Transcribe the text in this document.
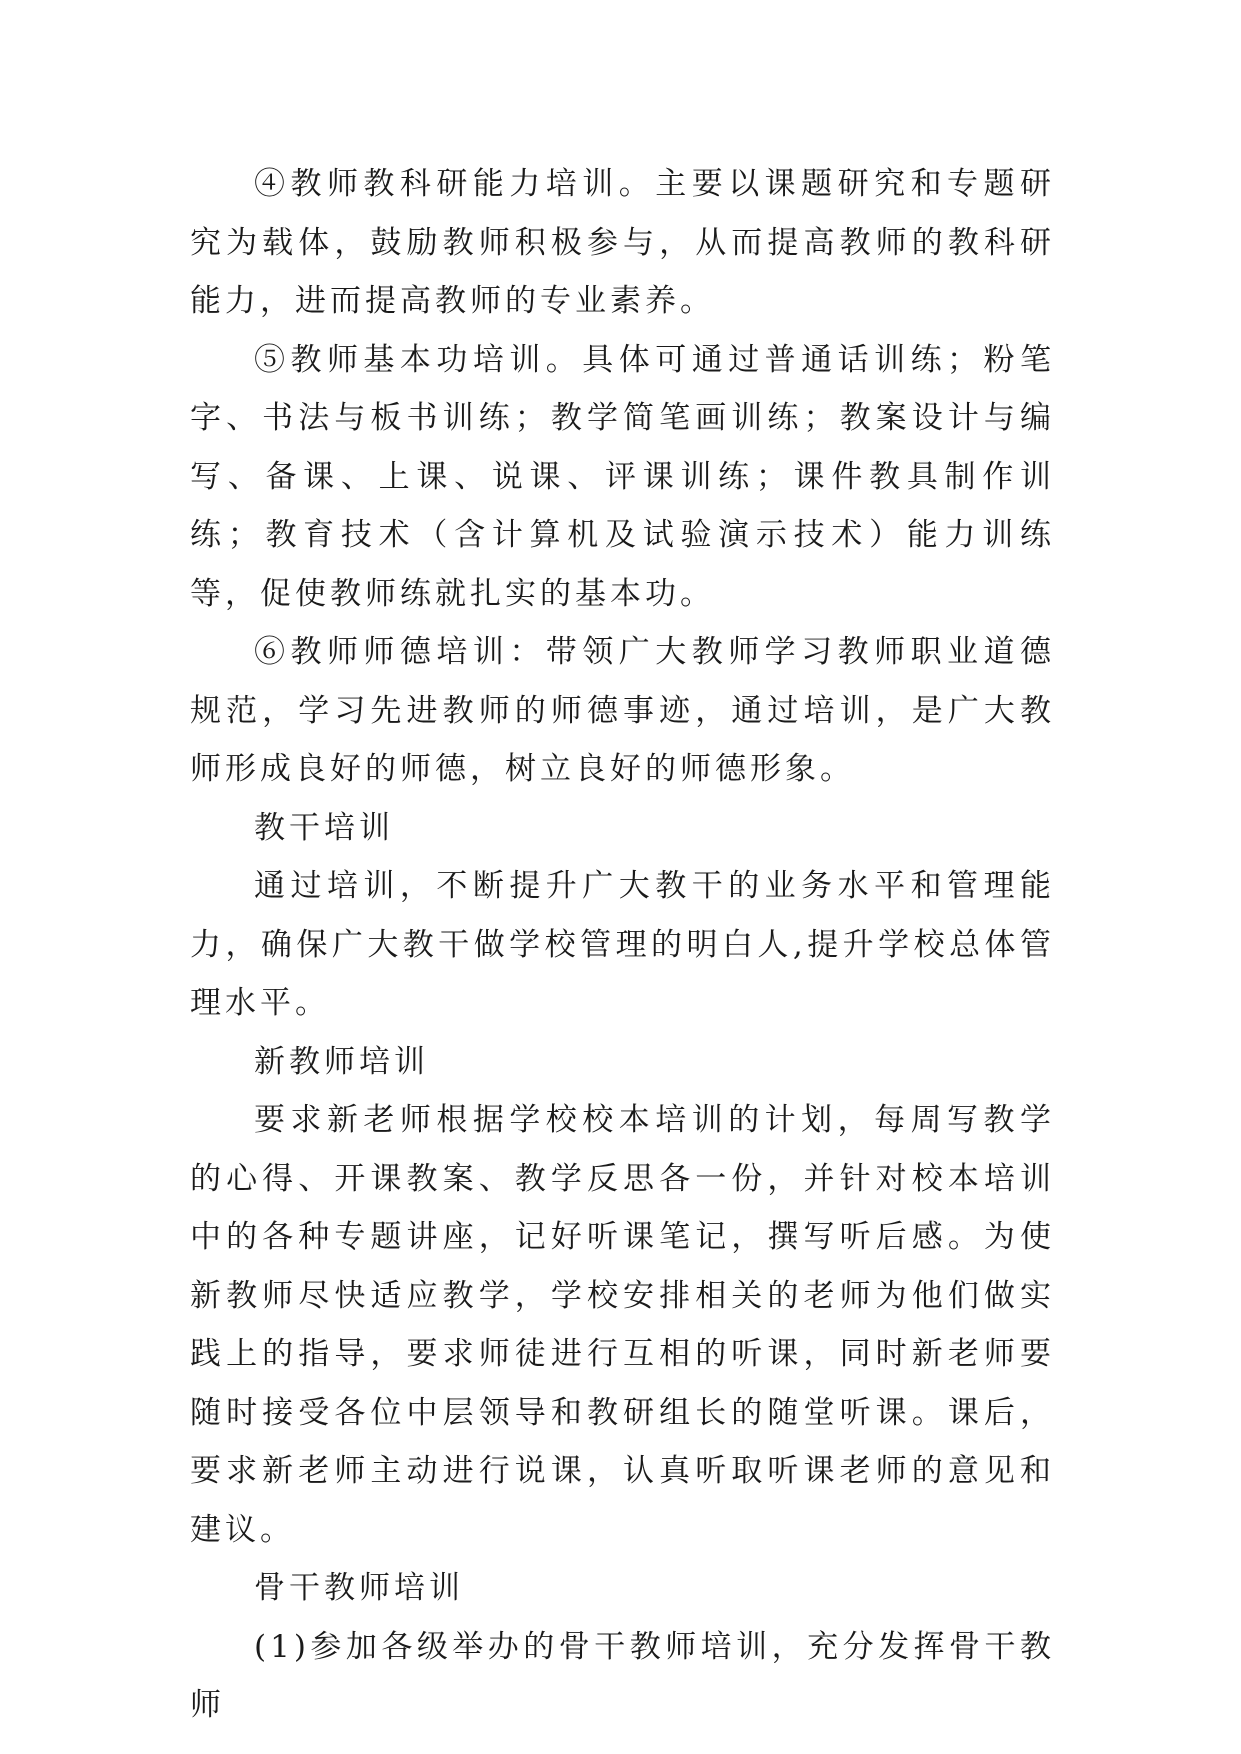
④教师教科研能力培训。主要以课题研究和专题研究为载体，鼓励教师积极参与，从而提高教师的教科研能力，进而提高教师的专业素养。

⑤教师基本功培训。具体可通过普通话训练；粉笔字、书法与板书训练；教学简笔画训练；教案设计与编写、备课、上课、说课、评课训练；课件教具制作训练；教育技术（含计算机及试验演示技术）能力训练等，促使教师练就扎实的基本功。

⑥教师师德培训：带领广大教师学习教师职业道德规范，学习先进教师的师德事迹，通过培训，是广大教师形成良好的师德，树立良好的师德形象。

教干培训

通过培训，不断提升广大教干的业务水平和管理能力，确保广大教干做学校管理的明白人,提升学校总体管理水平。

新教师培训

要求新老师根据学校校本培训的计划，每周写教学的心得、开课教案、教学反思各一份，并针对校本培训中的各种专题讲座，记好听课笔记，撰写听后感。为使新教师尽快适应教学，学校安排相关的老师为他们做实践上的指导，要求师徒进行互相的听课，同时新老师要随时接受各位中层领导和教研组长的随堂听课。课后，要求新老师主动进行说课，认真听取听课老师的意见和建议。

骨干教师培训

(1)参加各级举办的骨干教师培训，充分发挥骨干教师
